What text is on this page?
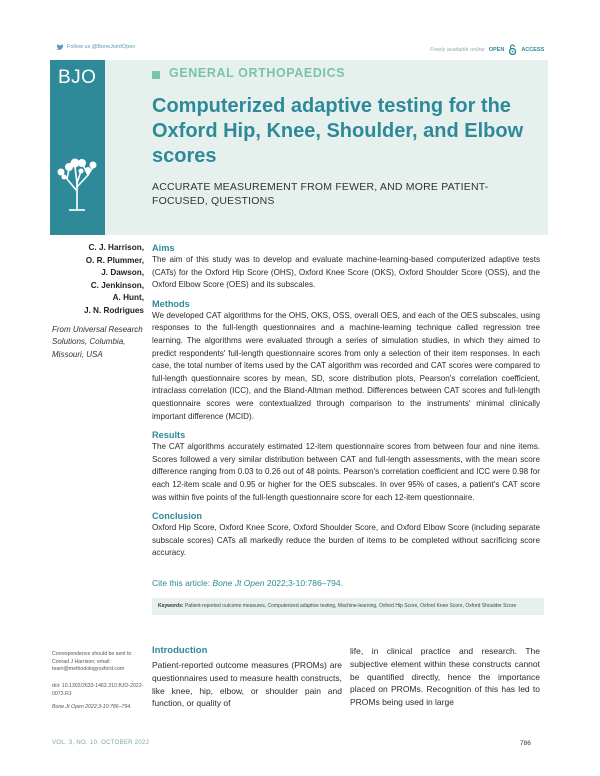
Follow us @BoneJointOpen	Freely available online OPEN	ACCESS
BJO	GENERAL ORTHOPAEDICS
Computerized adaptive testing for the Oxford Hip, Knee, Shoulder, and Elbow scores
ACCURATE MEASUREMENT FROM FEWER, AND MORE PATIENT-FOCUSED, QUESTIONS
C. J. Harrison,
O. R. Plummer,
J. Dawson,
C. Jenkinson,
A. Hunt,
J. N. Rodrigues
From Universal Research Solutions, Columbia, Missouri, USA
Aims

The aim of this study was to develop and evaluate machine-learning-based computerized adaptive tests (CATs) for the Oxford Hip Score (OHS), Oxford Knee Score (OKS), Oxford Shoulder Score (OSS), and the Oxford Elbow Score (OES) and its subscales.

Methods

We developed CAT algorithms for the OHS, OKS, OSS, overall OES, and each of the OES subscales, using responses to the full-length questionnaires and a machine-learning technique called regression tree learning. The algorithms were evaluated through a series of simulation studies, in which they aimed to predict respondents' full-length questionnaire scores from only a selection of their item responses. In each case, the total number of items used by the CAT algorithm was recorded and CAT scores were compared to full-length questionnaire scores by mean, SD, score distribution plots, Pearson's correlation coefficient, intraclass correlation (ICC), and the Bland-Altman method. Differences between CAT scores and full-length questionnaire scores were contextualized through comparison to the instruments' minimal clinically important difference (MCID).

Results

The CAT algorithms accurately estimated 12-item questionnaire scores from between four and nine items. Scores followed a very similar distribution between CAT and full-length assessments, with the mean score difference ranging from 0.03 to 0.26 out of 48 points. Pearson's correlation coefficient and ICC were 0.98 for each 12-item scale and 0.95 or higher for the OES subscales. In over 95% of cases, a patient's CAT score was within five points of the full-length questionnaire score for each 12-item questionnaire.

Conclusion

Oxford Hip Score, Oxford Knee Score, Oxford Shoulder Score, and Oxford Elbow Score (including separate subscale scores) CATs all markedly reduce the burden of items to be completed without sacrificing score accuracy.

Cite this article: Bone Jt Open 2022;3-10:786–794.
Keywords: Patient-reported outcome measures, Computerized adaptive testing, Machine-learning, Oxford Hip Score, Oxford Knee Score, Oxford Shoulder Score
Correspondence should be sent to Conrad J Harrison; email: team@methodologyoxford.com
doi: 10.1302/2633-1462.310.BJO-2022-0073.R1
Bone Jt Open 2022;3-10:786–794.
Introduction
Patient-reported outcome measures (PROMs) are questionnaires used to measure health constructs, like knee, hip, elbow, or shoulder pain and function, or quality of
life, in clinical practice and research. The subjective element within these constructs cannot be quantified directly, hence the importance placed on PROMs. Recognition of this has led to PROMs being used in large
VOL. 3, NO. 10, OCTOBER 2022	786
